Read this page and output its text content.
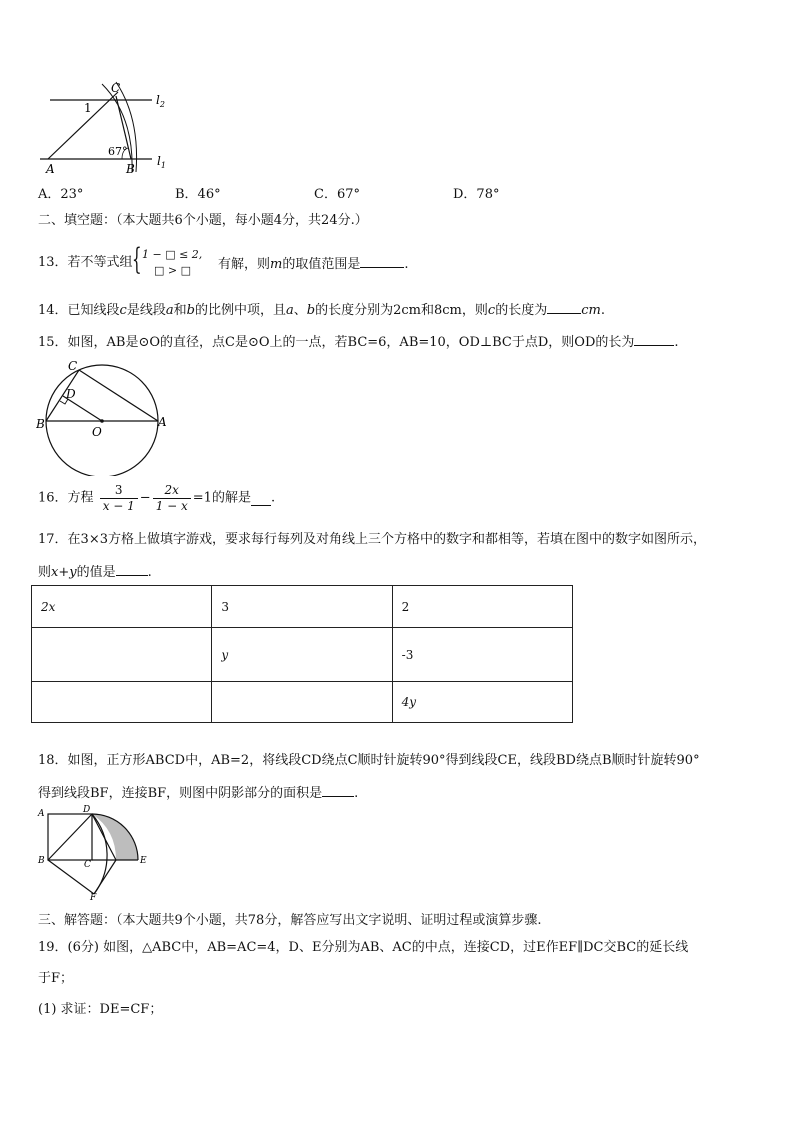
C
1
$l_2$
67°
A	B
$l_1$
A．23°	B．46°	C．67°	D．78°
二、填空题：（本大题共6个小题，每小题4分，共24分.）
13．若不等式组 { 1 − □ ≤ 2,
□ > □ 有解，则m的取值范围是	.
14．已知线段c是线段a和b的比例中项，且a、b的长度分别为2cm和8cm，则c的长度为	cm.
15．如图，AB是⊙O的直径，点C是⊙O上的一点，若BC=6，AB=10，OD⊥BC于点D，则OD的长为	.
C
D
B
O
A
16．方程 $\frac{3}{x - 1} - \frac{2x}{1 - x} =1$的解是 .
17．在3×3方格上做填字游戏，要求每行每列及对角线上三个方格中的数字和都相等，若填在图中的数字如图所示，
则x+y的值是 .
2x	3	2
	y	-3
		4y
18．如图，正方形ABCD中，AB=2，将线段CD绕点C顺时针旋转90°得到线段CE，线段BD绕点B顺时针旋转90°
得到线段BF，连接BF，则图中阴影部分的面积是 .
A	D
B	C	E
F
三、解答题：（本大题共9个小题，共78分，解答应写出文字说明、证明过程或演算步骤.
19．(6分) 如图，△ABC中，AB=AC=4，D、E分别为AB、AC的中点，连接CD，过E作EF∥DC交BC的延长线
于F；
(1) 求证：DE=CF；
